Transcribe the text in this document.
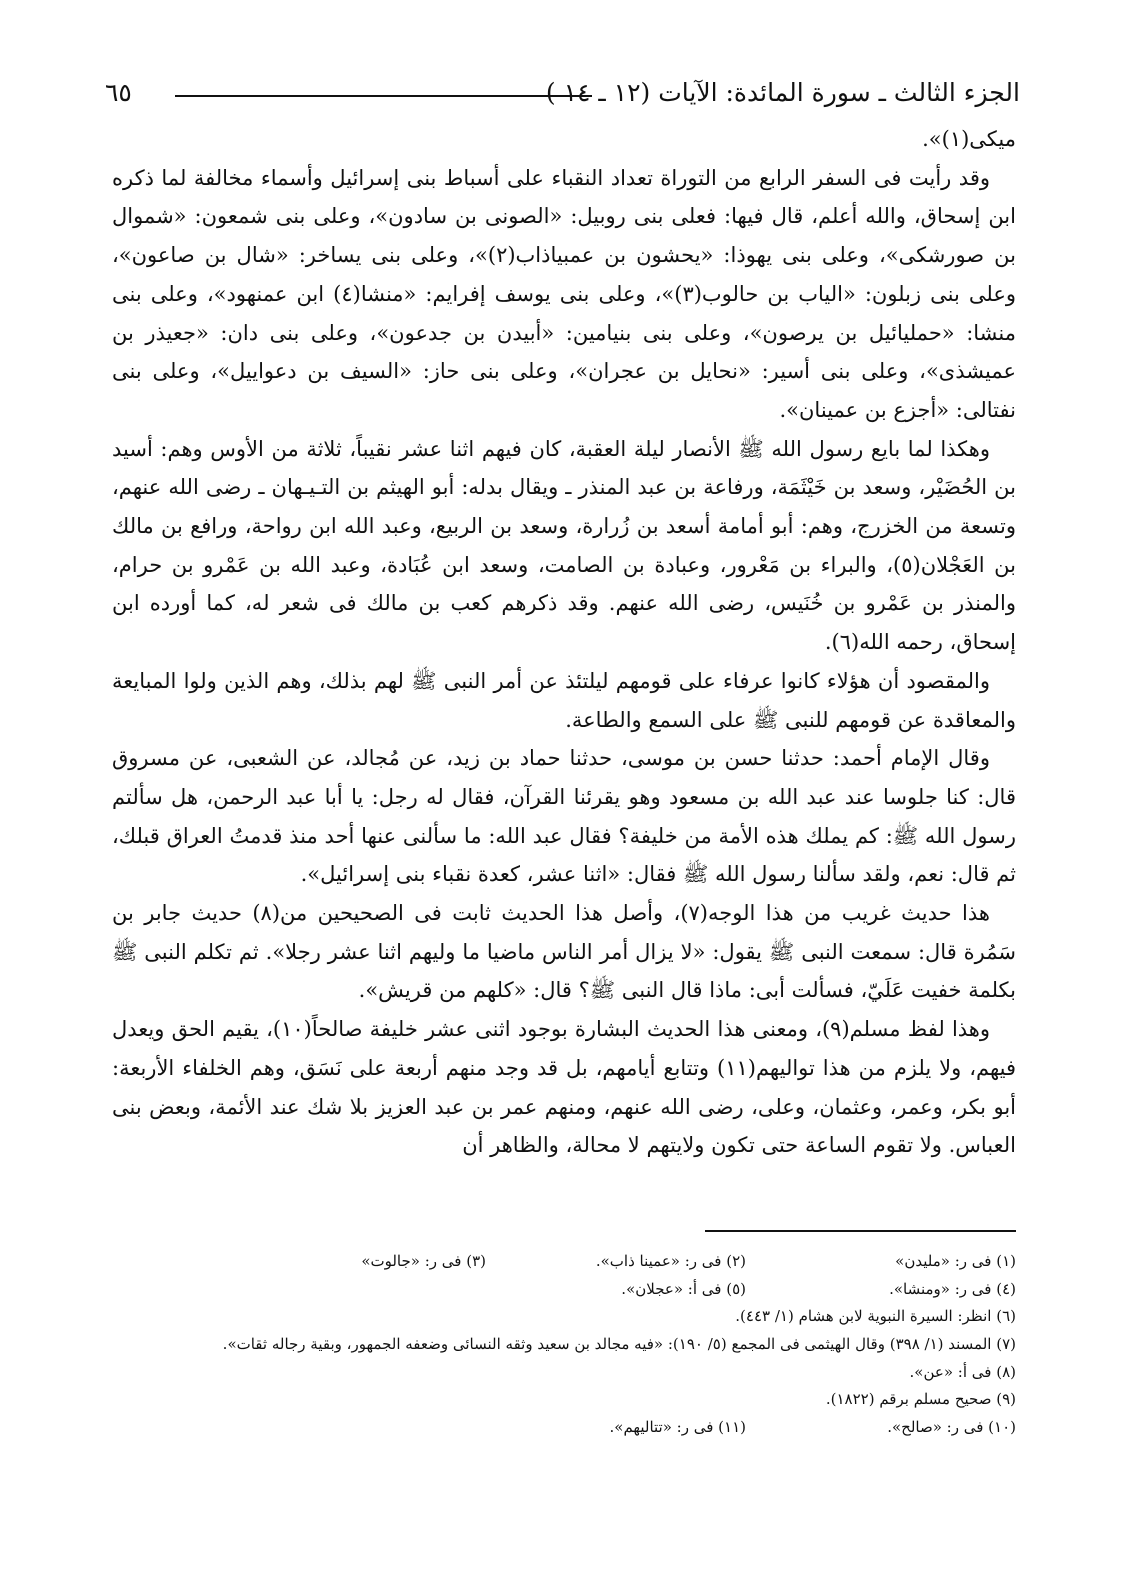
الجزء الثالث ـ سورة المائدة: الآيات (١٢ ـ ١٤ )
٦٥

ميكى(١)».

وقد رأيت فى السفر الرابع من التوراة تعداد النقباء على أسباط بنى إسرائيل وأسماء مخالفة لما ذكره ابن إسحاق، والله أعلم، قال فيها: فعلى بنى روبيل: «الصونى بن سادون»، وعلى بنى شمعون: «شموال بن صورشكى»، وعلى بنى يهوذا: «يحشون بن عمبياذاب(٢)»، وعلى بنى يساخر: «شال بن صاعون»، وعلى بنى زبلون: «الياب بن حالوب(٣)»، وعلى بنى يوسف إفرايم: «منشا(٤) ابن عمنهود»، وعلى بنى منشا: «حمليائيل بن يرصون»، وعلى بنى بنيامين: «أبيدن بن جدعون»، وعلى بنى دان: «جعيذر بن عميشذى»، وعلى بنى أسير: «نحايل بن عجران»، وعلى بنى حاز: «السيف بن دعواييل»، وعلى بنى نفتالى: «أجزع بن عمينان».

وهكذا لما بايع رسول الله ﷺ الأنصار ليلة العقبة، كان فيهم اثنا عشر نقيباً، ثلاثة من الأوس وهم: أسيد بن الحُضَيْر، وسعد بن خَيْثَمَة، ورفاعة بن عبد المنذر ـ ويقال بدله: أبو الهيثم بن التـيـهان ـ رضى الله عنهم، وتسعة من الخزرج، وهم: أبو أمامة أسعد بن زُرارة، وسعد بن الربيع، وعبد الله ابن رواحة، ورافع بن مالك بن العَجْلان(٥)، والبراء بن مَعْرور، وعبادة بن الصامت، وسعد ابن عُبَادة، وعبد الله بن عَمْرو بن حرام، والمنذر بن عَمْرو بن خُنَيس، رضى الله عنهم. وقد ذكرهم كعب بن مالك فى شعر له، كما أورده ابن إسحاق، رحمه الله(٦).

والمقصود أن هؤلاء كانوا عرفاء على قومهم ليلتئذ عن أمر النبى ﷺ لهم بذلك، وهم الذين ولوا المبايعة والمعاقدة عن قومهم للنبى ﷺ على السمع والطاعة.

وقال الإمام أحمد: حدثنا حسن بن موسى، حدثنا حماد بن زيد، عن مُجالد، عن الشعبى، عن مسروق قال: كنا جلوسا عند عبد الله بن مسعود وهو يقرئنا القرآن، فقال له رجل: يا أبا عبد الرحمن، هل سألتم رسول الله ﷺ: كم يملك هذه الأمة من خليفة؟ فقال عبد الله: ما سألنى عنها أحد منذ قدمتُ العراق قبلك، ثم قال: نعم، ولقد سألنا رسول الله ﷺ فقال: «اثنا عشر، كعدة نقباء بنى إسرائيل».

هذا حديث غريب من هذا الوجه(٧)، وأصل هذا الحديث ثابت فى الصحيحين من(٨) حديث جابر بن سَمُرة قال: سمعت النبى ﷺ يقول: «لا يزال أمر الناس ماضيا ما وليهم اثنا عشر رجلا». ثم تكلم النبى ﷺ بكلمة خفيت عَلَيّ، فسألت أبى: ماذا قال النبى ﷺ؟ قال: «كلهم من قريش».

وهذا لفظ مسلم(٩)، ومعنى هذا الحديث البشارة بوجود اثنى عشر خليفة صالحاً(١٠)، يقيم الحق ويعدل فيهم، ولا يلزم من هذا تواليهم(١١) وتتابع أيامهم، بل قد وجد منهم أربعة على نَسَق، وهم الخلفاء الأربعة: أبو بكر، وعمر، وعثمان، وعلى، رضى الله عنهم، ومنهم عمر بن عبد العزيز بلا شك عند الأئمة، وبعض بنى العباس. ولا تقوم الساعة حتى تكون ولايتهم لا محالة، والظاهر أن

(١) فى ر: «مليدن»(٢) فى ر: «عمينا ذاب».(٣) فى ر: «جالوت»
(٤) فى ر: «ومنشا».(٥) فى أ: «عجلان».
(٦) انظر: السيرة النبوية لابن هشام (١/ ٤٤٣).
(٧) المسند (١/ ٣٩٨) وقال الهيثمى فى المجمع (٥/ ١٩٠): «فيه مجالد بن سعيد وثقه النسائى وضعفه الجمهور، وبقية رجاله ثقات».
(٨) فى أ: «عن».
(٩) صحيح مسلم برقم (١٨٢٢).
(١٠) فى ر: «صالح».(١١) فى ر: «تتاليهم».
